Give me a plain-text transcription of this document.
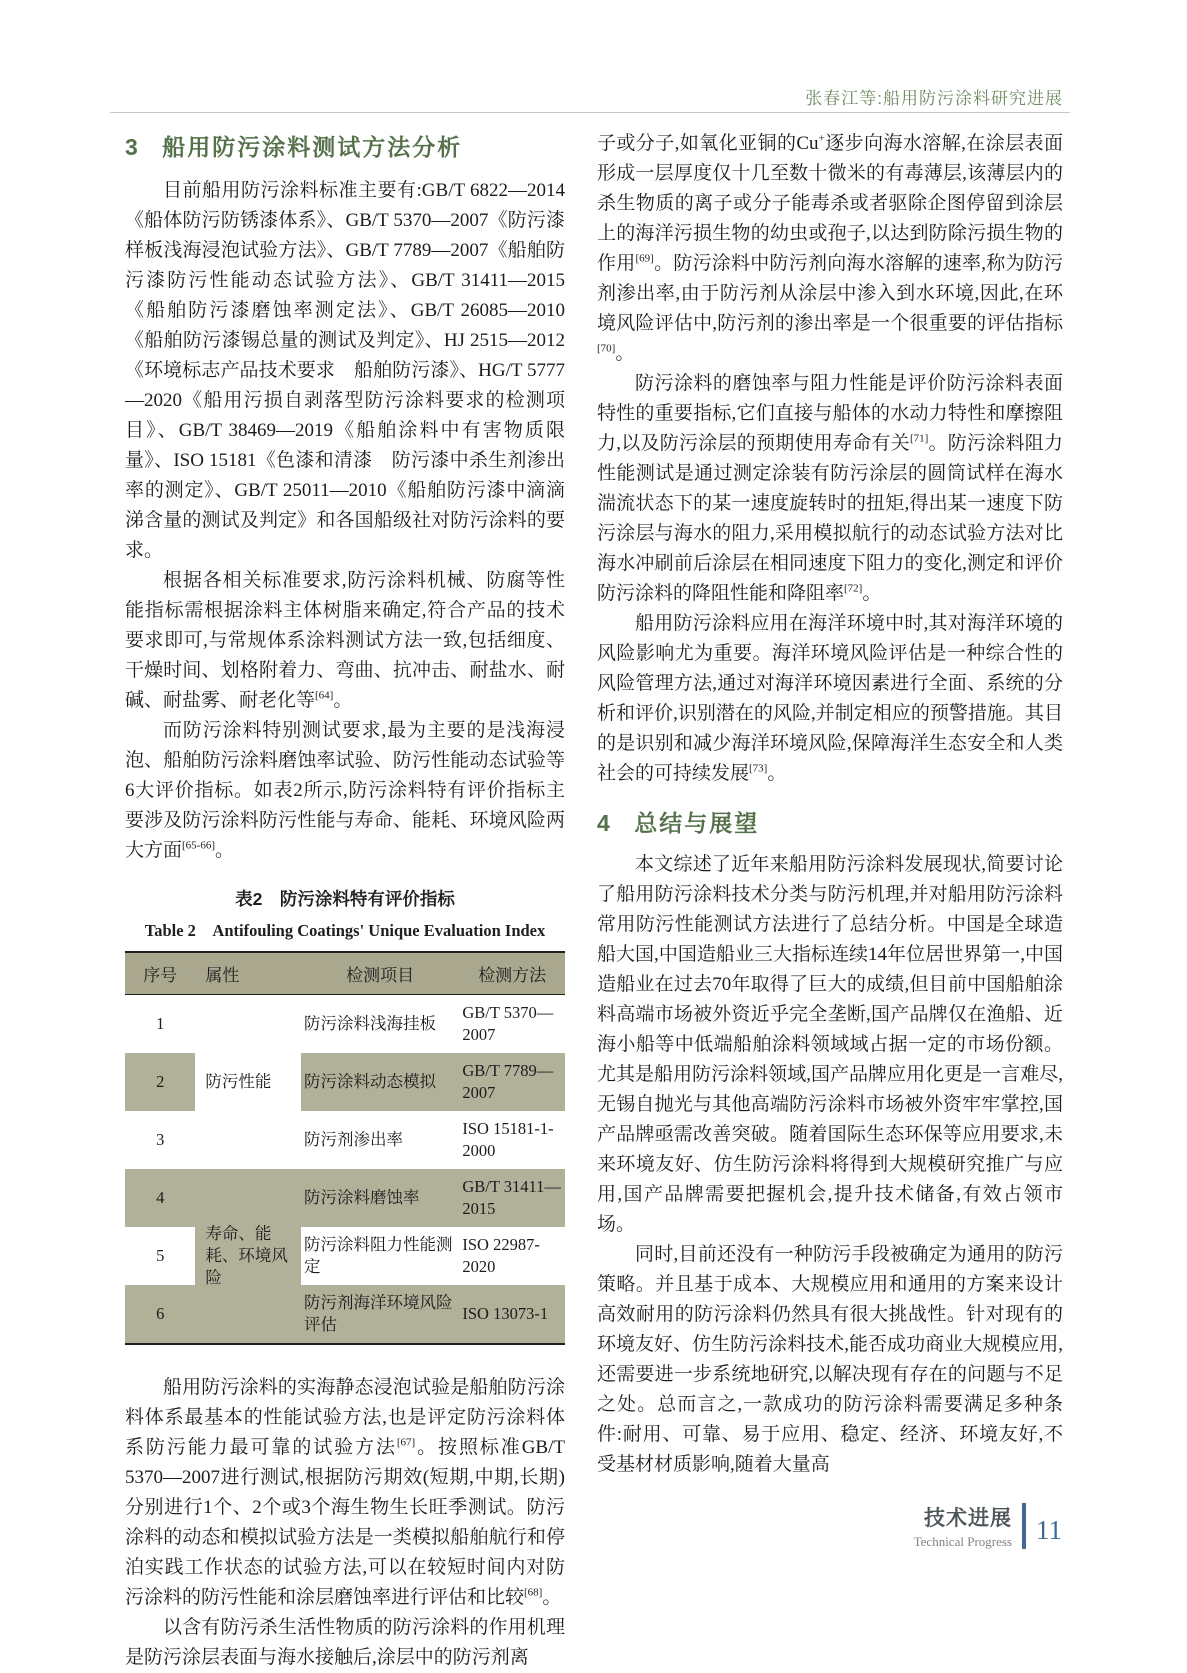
张春江等:船用防污涂料研究进展
3 船用防污涂料测试方法分析

目前船用防污涂料标准主要有:GB/T 6822—2014《船体防污防锈漆体系》、GB/T 5370—2007《防污漆样板浅海浸泡试验方法》、GB/T 7789—2007《船舶防污漆防污性能动态试验方法》、GB/T 31411—2015《船舶防污漆磨蚀率测定法》、GB/T 26085—2010《船舶防污漆锡总量的测试及判定》、HJ 2515—2012《环境标志产品技术要求　船舶防污漆》、HG/T 5777—2020《船用污损自剥落型防污涂料要求的检测项目》、GB/T 38469—2019《船舶涂料中有害物质限量》、ISO 15181《色漆和清漆　防污漆中杀生剂渗出率的测定》、GB/T 25011—2010《船舶防污漆中滴滴涕含量的测试及判定》和各国船级社对防污涂料的要求。

根据各相关标准要求,防污涂料机械、防腐等性能指标需根据涂料主体树脂来确定,符合产品的技术要求即可,与常规体系涂料测试方法一致,包括细度、干燥时间、划格附着力、弯曲、抗冲击、耐盐水、耐碱、耐盐雾、耐老化等[64]。

而防污涂料特别测试要求,最为主要的是浅海浸泡、船舶防污涂料磨蚀率试验、防污性能动态试验等6大评价指标。如表2所示,防污涂料特有评价指标主要涉及防污涂料防污性能与寿命、能耗、环境风险两大方面[65-66]。

表2　防污涂料特有评价指标
Table 2　Antifouling Coatings' Unique Evaluation Index
序号	属性	检测项目	检测方法
1	防污性能	防污涂料浅海挂板	GB/T 5370—2007
2		防污涂料动态模拟	GB/T 7789—2007
3		防污剂渗出率	ISO 15181-1-2000
4	寿命、能耗、环境风险	防污涂料磨蚀率	GB/T 31411—2015
5		防污涂料阻力性能测定	ISO 22987-2020
6		防污剂海洋环境风险评估	ISO 13073-1

船用防污涂料的实海静态浸泡试验是船舶防污涂料体系最基本的性能试验方法,也是评定防污涂料体系防污能力最可靠的试验方法[67]。按照标准GB/T 5370—2007进行测试,根据防污期效(短期,中期,长期)分别进行1个、2个或3个海生物生长旺季测试。防污涂料的动态和模拟试验方法是一类模拟船舶航行和停泊实践工作状态的试验方法,可以在较短时间内对防污涂料的防污性能和涂层磨蚀率进行评估和比较[68]。

以含有防污杀生活性物质的防污涂料的作用机理是防污涂层表面与海水接触后,涂层中的防污剂离

子或分子,如氧化亚铜的Cu+逐步向海水溶解,在涂层表面形成一层厚度仅十几至数十微米的有毒薄层,该薄层内的杀生物质的离子或分子能毒杀或者驱除企图停留到涂层上的海洋污损生物的幼虫或孢子,以达到防除污损生物的作用[69]。防污涂料中防污剂向海水溶解的速率,称为防污剂渗出率,由于防污剂从涂层中渗入到水环境,因此,在环境风险评估中,防污剂的渗出率是一个很重要的评估指标[70]。

防污涂料的磨蚀率与阻力性能是评价防污涂料表面特性的重要指标,它们直接与船体的水动力特性和摩擦阻力,以及防污涂层的预期使用寿命有关[71]。防污涂料阻力性能测试是通过测定涂装有防污涂层的圆筒试样在海水湍流状态下的某一速度旋转时的扭矩,得出某一速度下防污涂层与海水的阻力,采用模拟航行的动态试验方法对比海水冲刷前后涂层在相同速度下阻力的变化,测定和评价防污涂料的降阻性能和降阻率[72]。

船用防污涂料应用在海洋环境中时,其对海洋环境的风险影响尤为重要。海洋环境风险评估是一种综合性的风险管理方法,通过对海洋环境因素进行全面、系统的分析和评价,识别潜在的风险,并制定相应的预警措施。其目的是识别和减少海洋环境风险,保障海洋生态安全和人类社会的可持续发展[73]。

4 总结与展望

本文综述了近年来船用防污涂料发展现状,简要讨论了船用防污涂料技术分类与防污机理,并对船用防污涂料常用防污性能测试方法进行了总结分析。中国是全球造船大国,中国造船业三大指标连续14年位居世界第一,中国造船业在过去70年取得了巨大的成绩,但目前中国船舶涂料高端市场被外资近乎完全垄断,国产品牌仅在渔船、近海小船等中低端船舶涂料领域域占据一定的市场份额。尤其是船用防污涂料领域,国产品牌应用化更是一言难尽,无锡自抛光与其他高端防污涂料市场被外资牢牢掌控,国产品牌亟需改善突破。随着国际生态环保等应用要求,未来环境友好、仿生防污涂料将得到大规模研究推广与应用,国产品牌需要把握机会,提升技术储备,有效占领市场。

同时,目前还没有一种防污手段被确定为通用的防污策略。并且基于成本、大规模应用和通用的方案来设计高效耐用的防污涂料仍然具有很大挑战性。针对现有的环境友好、仿生防污涂料技术,能否成功商业大规模应用,还需要进一步系统地研究,以解决现有存在的问题与不足之处。总而言之,一款成功的防污涂料需要满足多种条件:耐用、可靠、易于应用、稳定、经济、环境友好,不受基材材质影响,随着大量高

技术进展
Technical Progress 11
